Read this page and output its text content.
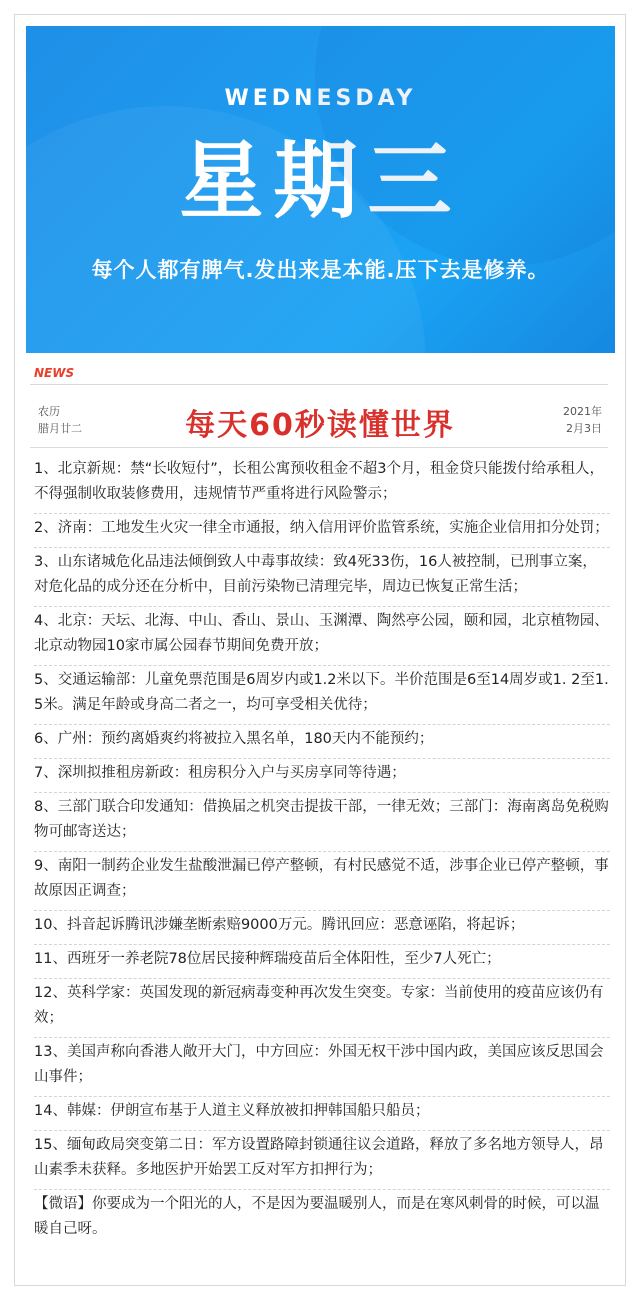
WEDNESDAY
星期三
每个人都有脾气.发出来是本能.压下去是修养。
NEWS
农历
腊月廿二	每天60秒读懂世界	2021年
2月3日

1、北京新规：禁“长收短付”，长租公寓预收租金不超3个月，租金贷只能拨付给承租人，不得强制收取装修费用，违规情节严重将进行风险警示；

2、济南：工地发生火灾一律全市通报，纳入信用评价监管系统，实施企业信用扣分处罚；

3、山东诸城危化品违法倾倒致人中毒事故续：致4死33伤，16人被控制，已刑事立案，对危化品的成分还在分析中，目前污染物已清理完毕，周边已恢复正常生活；

4、北京：天坛、北海、中山、香山、景山、玉渊潭、陶然亭公园，颐和园，北京植物园、北京动物园10家市属公园春节期间免费开放；

5、交通运输部：儿童免票范围是6周岁内或1.2米以下。半价范围是6至14周岁或1. 2至1. 5米。满足年龄或身高二者之一，均可享受相关优待；

6、广州：预约离婚爽约将被拉入黑名单，180天内不能预约；

7、深圳拟推租房新政：租房积分入户与买房享同等待遇；

8、三部门联合印发通知：借换届之机突击提拔干部，一律无效；三部门：海南离岛免税购物可邮寄送达；

9、南阳一制药企业发生盐酸泄漏已停产整顿，有村民感觉不适，涉事企业已停产整顿，事故原因正调查；

10、抖音起诉腾讯涉嫌垄断索赔9000万元。腾讯回应：恶意诬陷，将起诉；

11、西班牙一养老院78位居民接种辉瑞疫苗后全体阳性，至少7人死亡；

12、英科学家：英国发现的新冠病毒变种再次发生突变。专家：当前使用的疫苗应该仍有效；

13、美国声称向香港人敞开大门，中方回应：外国无权干涉中国内政，美国应该反思国会山事件；

14、韩媒：伊朗宣布基于人道主义释放被扣押韩国船只船员；

15、缅甸政局突变第二日：军方设置路障封锁通往议会道路，释放了多名地方领导人，昂山素季未获释。多地医护开始罢工反对军方扣押行为；

【微语】你要成为一个阳光的人，不是因为要温暖别人，而是在寒风刺骨的时候，可以温暖自己呀。
